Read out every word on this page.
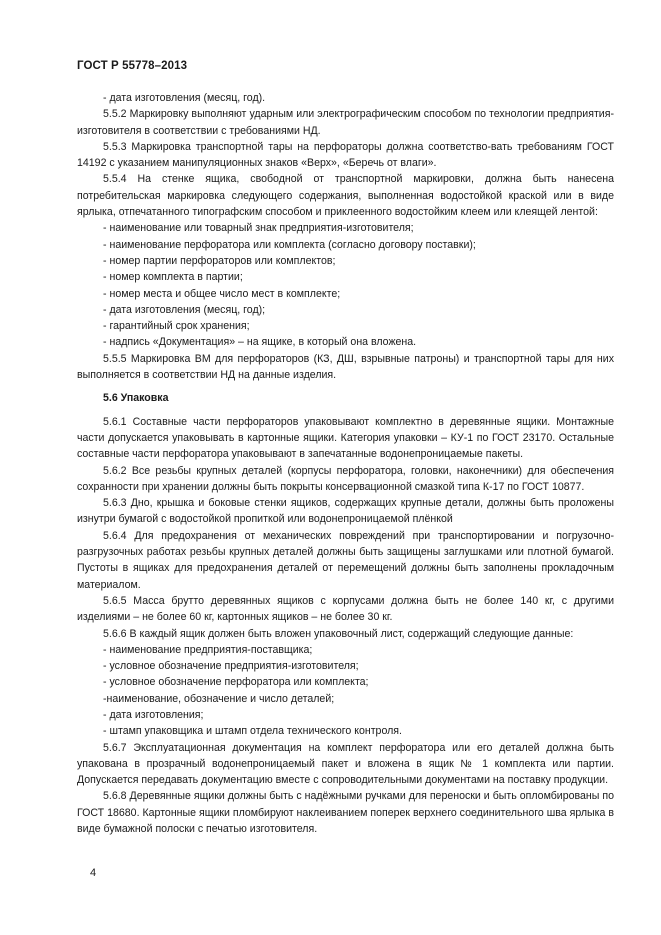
ГОСТ Р 55778–2013
- дата изготовления (месяц, год).
5.5.2 Маркировку выполняют ударным или электрографическим способом по технологии предприятия-изготовителя в соответствии с требованиями НД.
5.5.3 Маркировка транспортной тары на перфораторы должна соответство-вать требованиям ГОСТ 14192 с указанием манипуляционных знаков «Верх», «Беречь от влаги».
5.5.4 На стенке ящика, свободной от транспортной маркировки, должна быть нанесена потребительская маркировка следующего содержания, выполненная водостойкой краской или в виде ярлыка, отпечатанного типографским способом и приклеенного водостойким клеем или клеящей лентой:
- наименование или товарный знак предприятия-изготовителя;
- наименование перфоратора или комплекта (согласно договору поставки);
- номер партии перфораторов или комплектов;
- номер комплекта в партии;
- номер места и общее число мест в комплекте;
- дата изготовления (месяц, год);
- гарантийный срок хранения;
- надпись «Документация» – на ящике, в который она вложена.
5.5.5 Маркировка ВМ для перфораторов (КЗ, ДШ, взрывные патроны) и транспортной тары для них выполняется в соответствии НД на данные изделия.
5.6 Упаковка
5.6.1 Составные части перфораторов упаковывают комплектно в деревянные ящики. Монтажные части допускается упаковывать в картонные ящики. Категория упаковки – КУ-1 по ГОСТ 23170. Остальные составные части перфоратора упаковывают в запечатанные водонепроницаемые пакеты.
5.6.2 Все резьбы крупных деталей (корпусы перфоратора, головки, наконечники) для обеспечения сохранности при хранении должны быть покрыты консервационной смазкой типа К-17 по ГОСТ 10877.
5.6.3 Дно, крышка и боковые стенки ящиков, содержащих крупные детали, должны быть проложены изнутри бумагой с водостойкой пропиткой или водонепроницаемой плёнкой
5.6.4 Для предохранения от механических повреждений при транспортировании и погрузочно-разгрузочных работах резьбы крупных деталей должны быть защищены заглушками или плотной бумагой. Пустоты в ящиках для предохранения деталей от перемещений должны быть заполнены прокладочным материалом.
5.6.5 Масса брутто деревянных ящиков с корпусами должна быть не более 140 кг, с другими изделиями – не более 60 кг, картонных ящиков – не более 30 кг.
5.6.6 В каждый ящик должен быть вложен упаковочный лист, содержащий следующие данные:
- наименование предприятия-поставщика;
- условное обозначение предприятия-изготовителя;
- условное обозначение перфоратора или комплекта;
-наименование, обозначение и число деталей;
- дата изготовления;
- штамп упаковщика и штамп отдела технического контроля.
5.6.7 Эксплуатационная документация на комплект перфоратора или его деталей должна быть упакована в прозрачный водонепроницаемый пакет и вложена в ящик № 1 комплекта или партии. Допускается передавать документацию вместе с сопроводительными документами на поставку продукции.
5.6.8 Деревянные ящики должны быть с надёжными ручками для переноски и быть опломбированы по ГОСТ 18680. Картонные ящики пломбируют наклеиванием поперек верхнего соединительного шва ярлыка в виде бумажной полоски с печатью изготовителя.
4
